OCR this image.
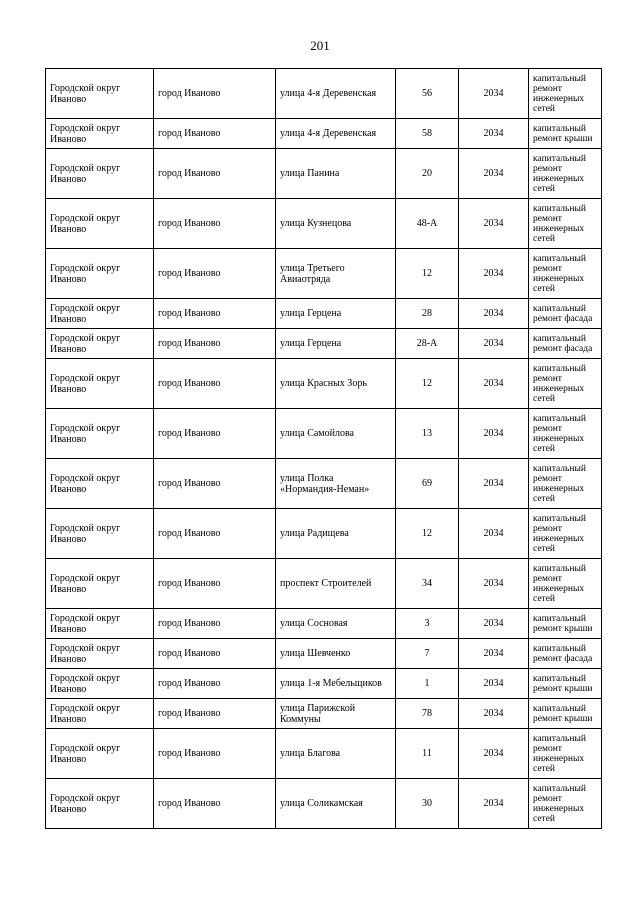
201
Городской округ Иваново	город Иваново	улица 4-я Деревенская	56	2034	капитальный ремонт инженерных сетей
Городской округ Иваново	город Иваново	улица 4-я Деревенская	58	2034	капитальный ремонт крыши
Городской округ Иваново	город Иваново	улица Панина	20	2034	капитальный ремонт инженерных сетей
Городской округ Иваново	город Иваново	улица Кузнецова	48-А	2034	капитальный ремонт инженерных сетей
Городской округ Иваново	город Иваново	улица Третьего Авиаотряда	12	2034	капитальный ремонт инженерных сетей
Городской округ Иваново	город Иваново	улица Герцена	28	2034	капитальный ремонт фасада
Городской округ Иваново	город Иваново	улица Герцена	28-А	2034	капитальный ремонт фасада
Городской округ Иваново	город Иваново	улица Красных Зорь	12	2034	капитальный ремонт инженерных сетей
Городской округ Иваново	город Иваново	улица Самойлова	13	2034	капитальный ремонт инженерных сетей
Городской округ Иваново	город Иваново	улица Полка «Нормандия-Неман»	69	2034	капитальный ремонт инженерных сетей
Городской округ Иваново	город Иваново	улица Радищева	12	2034	капитальный ремонт инженерных сетей
Городской округ Иваново	город Иваново	проспект Строителей	34	2034	капитальный ремонт инженерных сетей
Городской округ Иваново	город Иваново	улица Сосновая	3	2034	капитальный ремонт крыши
Городской округ Иваново	город Иваново	улица Шевченко	7	2034	капитальный ремонт фасада
Городской округ Иваново	город Иваново	улица 1-я Мебельщиков	1	2034	капитальный ремонт крыши
Городской округ Иваново	город Иваново	улица Парижской Коммуны	78	2034	капитальный ремонт крыши
Городской округ Иваново	город Иваново	улица Благова	11	2034	капитальный ремонт инженерных сетей
Городской округ Иваново	город Иваново	улица Соликамская	30	2034	капитальный ремонт инженерных сетей
